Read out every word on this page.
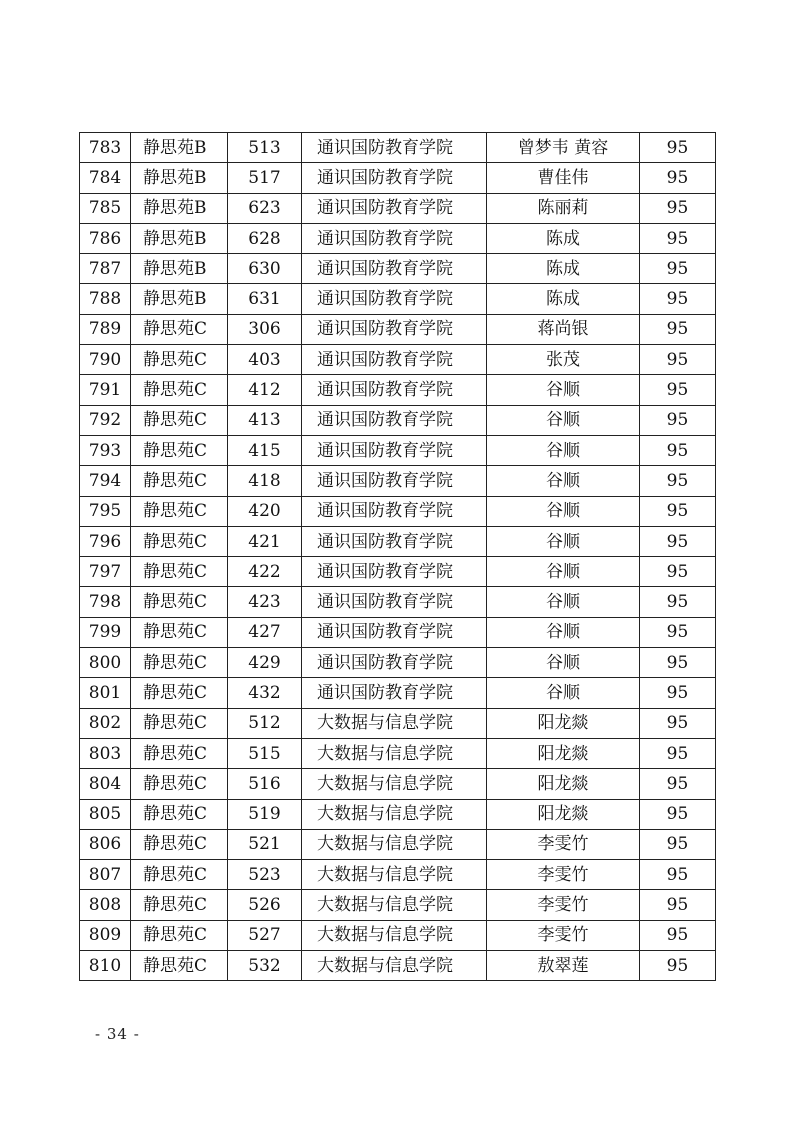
783	静思苑B	513	通识国防教育学院	曾梦韦 黄容	95
784	静思苑B	517	通识国防教育学院	曹佳伟	95
785	静思苑B	623	通识国防教育学院	陈丽莉	95
786	静思苑B	628	通识国防教育学院	陈成	95
787	静思苑B	630	通识国防教育学院	陈成	95
788	静思苑B	631	通识国防教育学院	陈成	95
789	静思苑C	306	通识国防教育学院	蒋尚银	95
790	静思苑C	403	通识国防教育学院	张茂	95
791	静思苑C	412	通识国防教育学院	谷顺	95
792	静思苑C	413	通识国防教育学院	谷顺	95
793	静思苑C	415	通识国防教育学院	谷顺	95
794	静思苑C	418	通识国防教育学院	谷顺	95
795	静思苑C	420	通识国防教育学院	谷顺	95
796	静思苑C	421	通识国防教育学院	谷顺	95
797	静思苑C	422	通识国防教育学院	谷顺	95
798	静思苑C	423	通识国防教育学院	谷顺	95
799	静思苑C	427	通识国防教育学院	谷顺	95
800	静思苑C	429	通识国防教育学院	谷顺	95
801	静思苑C	432	通识国防教育学院	谷顺	95
802	静思苑C	512	大数据与信息学院	阳龙燚	95
803	静思苑C	515	大数据与信息学院	阳龙燚	95
804	静思苑C	516	大数据与信息学院	阳龙燚	95
805	静思苑C	519	大数据与信息学院	阳龙燚	95
806	静思苑C	521	大数据与信息学院	李雯竹	95
807	静思苑C	523	大数据与信息学院	李雯竹	95
808	静思苑C	526	大数据与信息学院	李雯竹	95
809	静思苑C	527	大数据与信息学院	李雯竹	95
810	静思苑C	532	大数据与信息学院	敖翠莲	95
- 34 -
